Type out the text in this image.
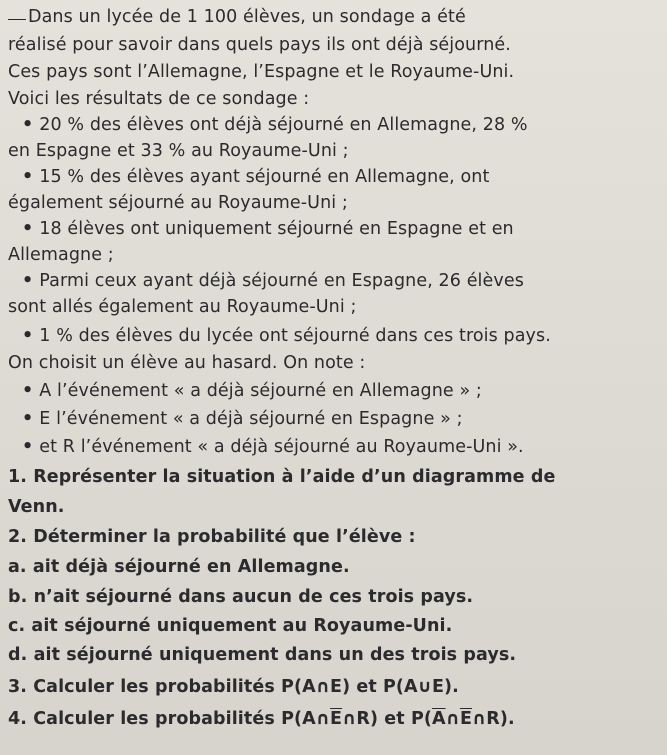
Dans un lycée de 1 100 élèves, un sondage a été
réalisé pour savoir dans quels pays ils ont déjà séjourné.
Ces pays sont l’Allemagne, l’Espagne et le Royaume-Uni.
Voici les résultats de ce sondage :
• 20 % des élèves ont déjà séjourné en Allemagne, 28 %
en Espagne et 33 % au Royaume-Uni ;
• 15 % des élèves ayant séjourné en Allemagne, ont
également séjourné au Royaume-Uni ;
• 18 élèves ont uniquement séjourné en Espagne et en
Allemagne ;
• Parmi ceux ayant déjà séjourné en Espagne, 26 élèves
sont allés également au Royaume-Uni ;
• 1 % des élèves du lycée ont séjourné dans ces trois pays.
On choisit un élève au hasard. On note :
• A l’événement « a déjà séjourné en Allemagne » ;
• E l’événement « a déjà séjourné en Espagne » ;
• et R l’événement « a déjà séjourné au Royaume-Uni ».
1. Représenter la situation à l’aide d’un diagramme de
Venn.
2. Déterminer la probabilité que l’élève :
a. ait déjà séjourné en Allemagne.
b. n’ait séjourné dans aucun de ces trois pays.
c. ait séjourné uniquement au Royaume-Uni.
d. ait séjourné uniquement dans un des trois pays.
3. Calculer les probabilités P(A∩E) et P(A∪E).
4. Calculer les probabilités $P(A\cap\overline{E}\cap R)$ et $P(\overline{A}\cap\overline{E}\cap R)$.
